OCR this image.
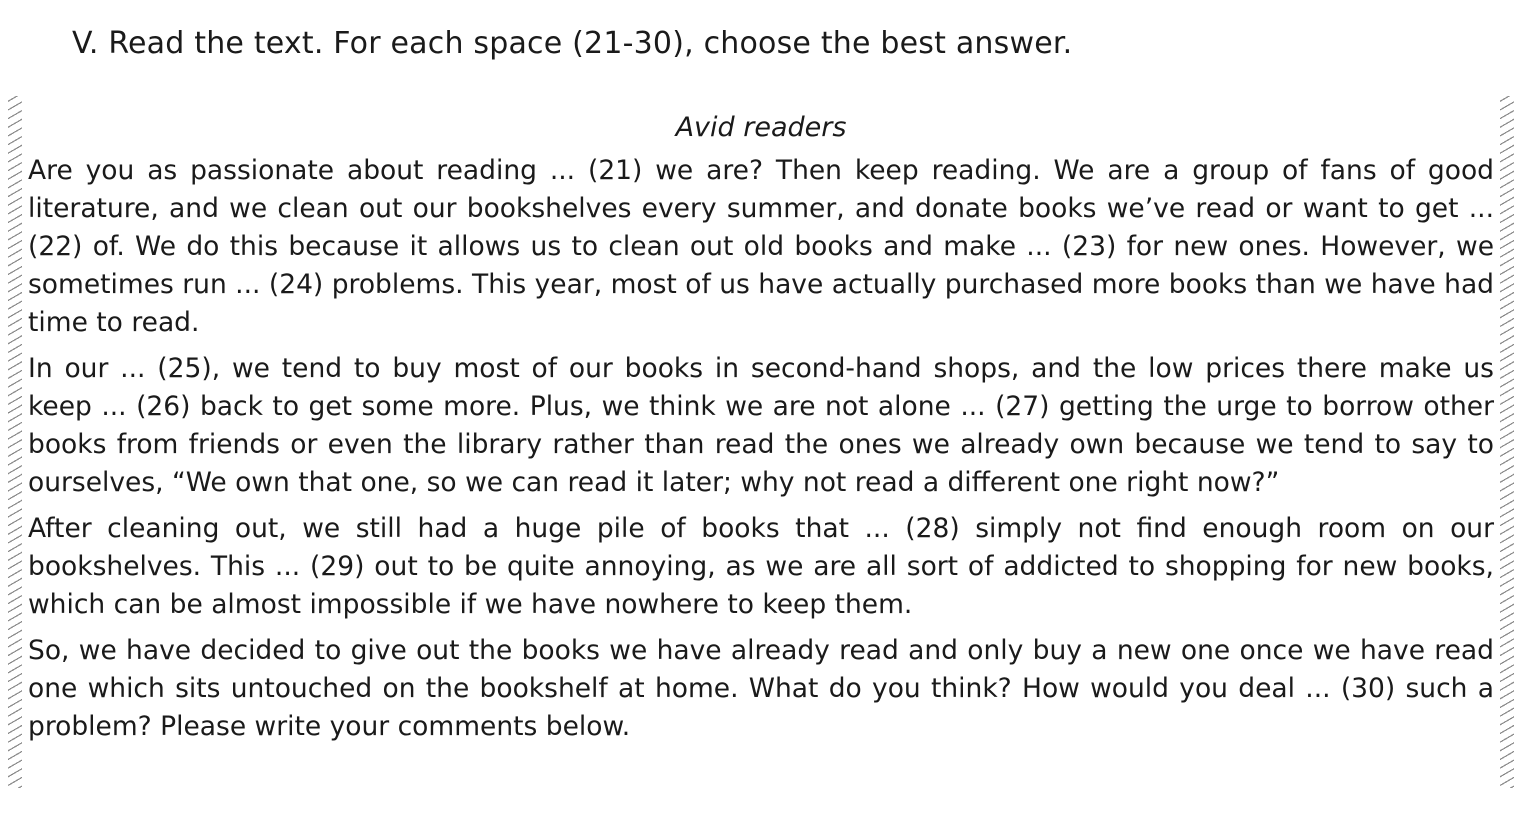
V. Read the text. For each space (21-30), choose the best answer.
Avid readers

Are you as passionate about reading ... (21) we are? Then keep reading. We are a group of fans of good literature, and we clean out our bookshelves every summer, and donate books we’ve read or want to get ... (22) of. We do this because it allows us to clean out old books and make ... (23) for new ones. However, we sometimes run ... (24) problems. This year, most of us have actually purchased more books than we have had time to read.

In our ... (25), we tend to buy most of our books in second-hand shops, and the low prices there make us keep ... (26) back to get some more. Plus, we think we are not alone ... (27) getting the urge to borrow other books from friends or even the library rather than read the ones we already own because we tend to say to ourselves, “We own that one, so we can read it later; why not read a different one right now?”

After cleaning out, we still had a huge pile of books that ... (28) simply not find enough room on our bookshelves. This ... (29) out to be quite annoying, as we are all sort of addicted to shopping for new books, which can be almost impossible if we have nowhere to keep them.

So, we have decided to give out the books we have already read and only buy a new one once we have read one which sits untouched on the bookshelf at home. What do you think? How would you deal ... (30) such a problem? Please write your comments below.
